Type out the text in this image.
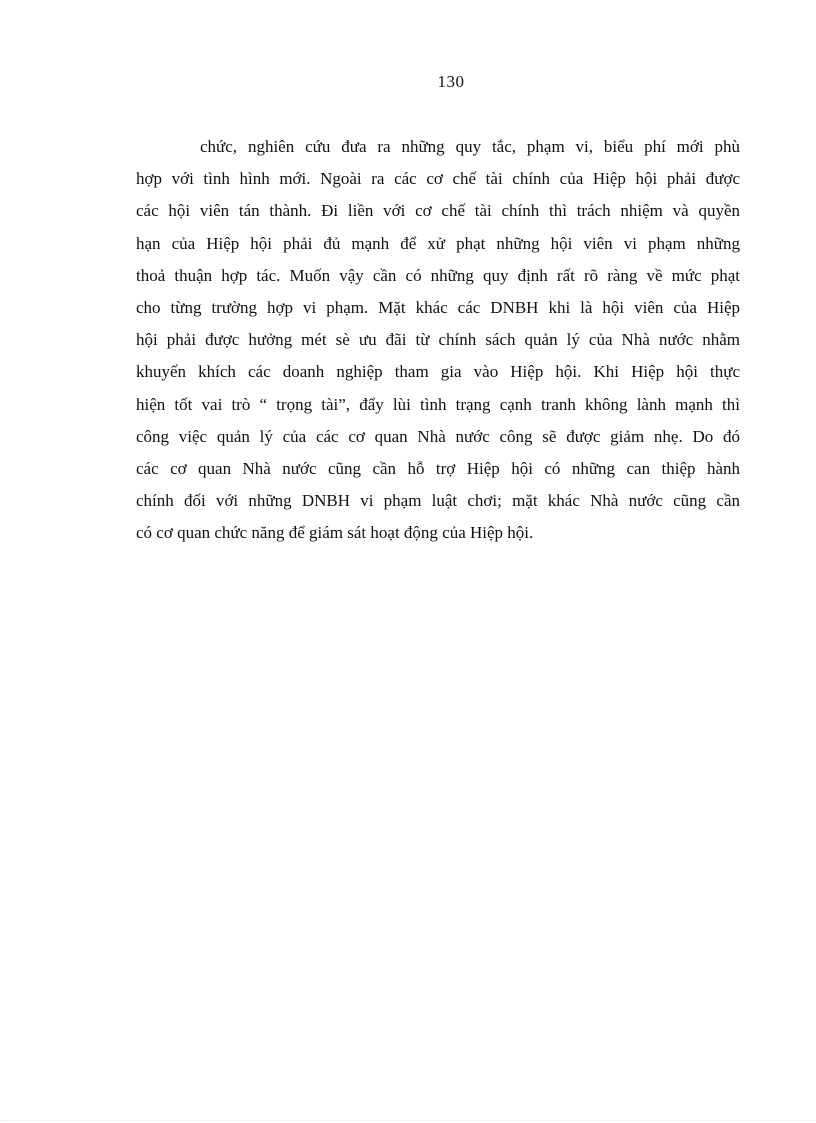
130
chức, nghiên cứu đưa ra những quy tắc, phạm vi, biểu phí mới phù
hợp với tình hình mới. Ngoài ra các cơ chế tài chính của Hiệp hội phải được
các hội viên tán thành. Đi liền với cơ chế tài chính thì trách nhiệm và quyền
hạn của Hiệp hội phải đủ mạnh để xử phạt những hội viên vi phạm những
thoả thuận hợp tác. Muốn vậy cần có những quy định rất rõ ràng về mức phạt
cho từng trường hợp vi phạm. Mặt khác các DNBH khi là hội viên của Hiệp
hội phải được hưởng mét sè ưu đãi từ chính sách quản lý của Nhà nước nhằm
khuyến khích các doanh nghiệp tham gia vào Hiệp hội. Khi Hiệp hội thực
hiện tốt vai trò “ trọng tài”, đẩy lùi tình trạng cạnh tranh không lành mạnh thì
công việc quản lý của các cơ quan Nhà nước công sẽ được giảm nhẹ. Do đó
các cơ quan Nhà nước cũng cần hỗ trợ Hiệp hội có những can thiệp hành
chính đối với những DNBH vi phạm luật chơi; mặt khác Nhà nước cũng cần
có cơ quan chức năng để giám sát hoạt động của Hiệp hội.
